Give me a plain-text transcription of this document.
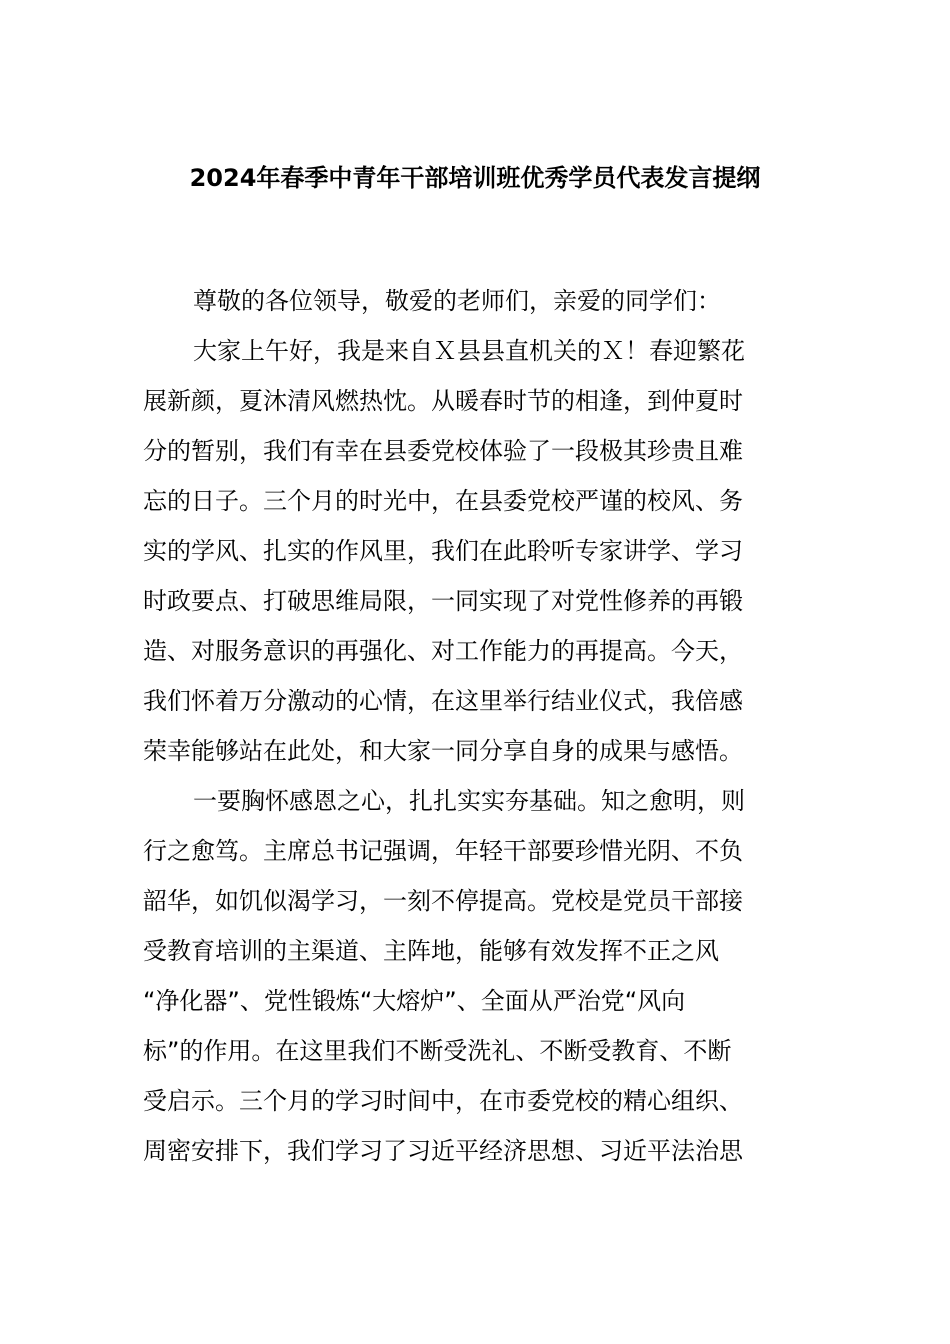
2024年春季中青年干部培训班优秀学员代表发言提纲
尊敬的各位领导，敬爱的老师们，亲爱的同学们：
大家上午好，我是来自Ｘ县县直机关的Ｘ！春迎繁花
展新颜，夏沐清风燃热忱。从暖春时节的相逢，到仲夏时
分的暂别，我们有幸在县委党校体验了一段极其珍贵且难
忘的日子。三个月的时光中，在县委党校严谨的校风、务
实的学风、扎实的作风里，我们在此聆听专家讲学、学习
时政要点、打破思维局限，一同实现了对党性修养的再锻
造、对服务意识的再强化、对工作能力的再提高。今天，
我们怀着万分激动的心情，在这里举行结业仪式，我倍感
荣幸能够站在此处，和大家一同分享自身的成果与感悟。
一要胸怀感恩之心，扎扎实实夯基础。知之愈明，则
行之愈笃。主席总书记强调，年轻干部要珍惜光阴、不负
韶华，如饥似渴学习，一刻不停提高。党校是党员干部接
受教育培训的主渠道、主阵地，能够有效发挥不正之风
“净化器”、党性锻炼“大熔炉”、全面从严治党“风向
标”的作用。在这里我们不断受洗礼、不断受教育、不断
受启示。三个月的学习时间中，在市委党校的精心组织、
周密安排下，我们学习了习近平经济思想、习近平法治思
